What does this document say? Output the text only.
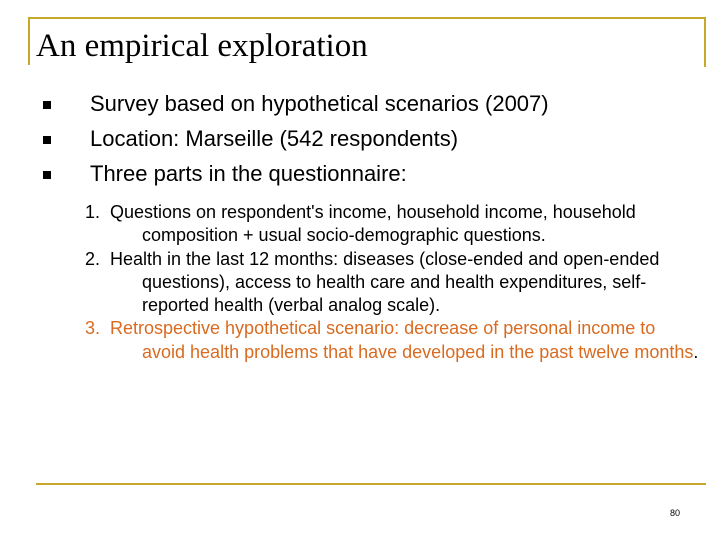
An empirical exploration
Survey based on hypothetical scenarios (2007)
Location: Marseille (542 respondents)
Three parts in the questionnaire:
1. Questions on respondent's income, household income, household composition + usual socio-demographic questions.
2. Health in the last 12 months: diseases (close-ended and open-ended questions), access to health care and health expenditures, self-reported health (verbal analog scale).
3. Retrospective hypothetical scenario: decrease of personal income to avoid health problems that have developed in the past twelve months.
80
